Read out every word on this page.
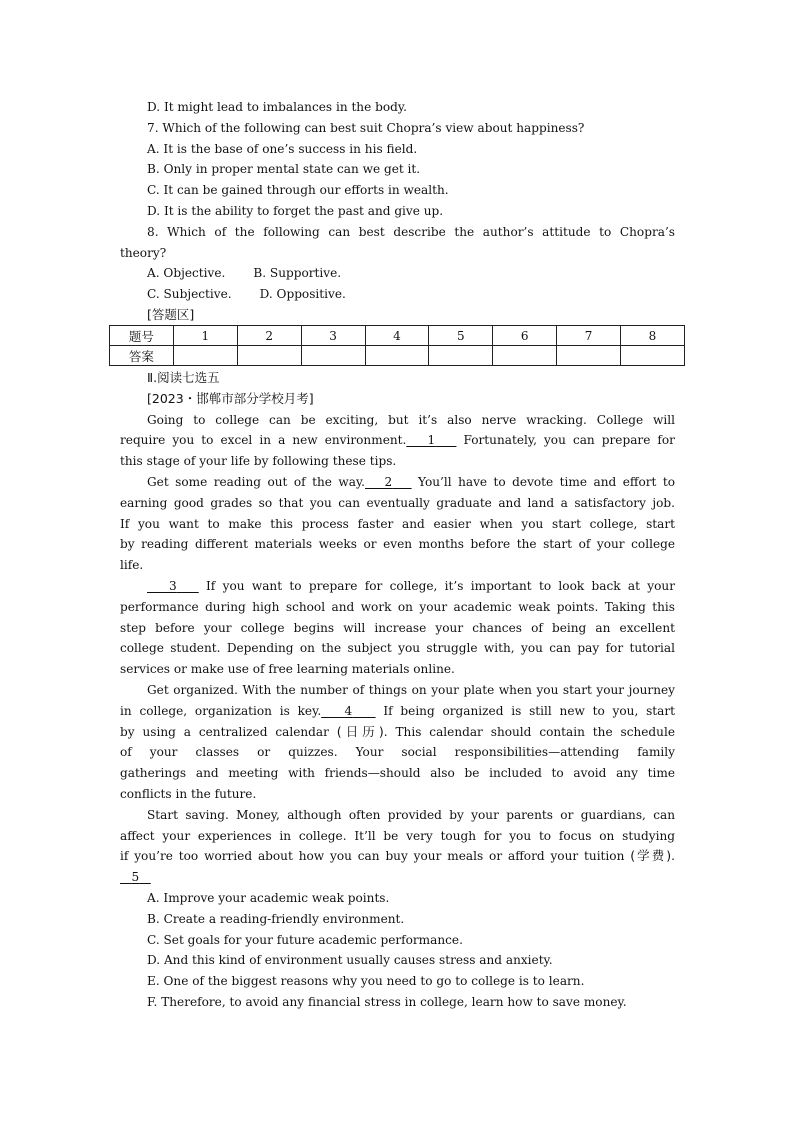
D. It might lead to imbalances in the body.
7. Which of the following can best suit Chopra’s view about happiness?
A. It is the base of one’s success in his field.
B. Only in proper mental state can we get it.
C. It can be gained through our efforts in wealth.
D. It is the ability to forget the past and give up.
8. Which of the following can best describe the author’s attitude to Chopra’s
theory?
A. Objective. B. Supportive.
C. Subjective. D. Oppositive.
[答题区]
题号	1	2	3	4	5	6	7	8
答案								
Ⅱ.阅读七选五
[2023・邯郸市部分学校月考]
Going to college can be exciting, but it’s also nerve wracking. College will
require you to excel in a new environment. 1    Fortunately, you can prepare for
this stage of your life by following these tips.
Get some reading out of the way. 2    You’ll have to devote time and effort to
earning good grades so that you can eventually graduate and land a satisfactory job.
If you want to make this process faster and easier when you start college, start
by reading different materials weeks or even months before the start of your college
life.
3    If you want to prepare for college, it’s important to look back at your
performance during high school and work on your academic weak points. Taking this
step before your college begins will increase your chances of being an excellent
college student. Depending on the subject you struggle with, you can pay for tutorial
services or make use of free learning materials online.
Get organized. With the number of things on your plate when you start your journey
in college, organization is key. 4    If being organized is still new to you, start
by using a centralized calendar (日历). This calendar should contain the schedule
of your classes or quizzes. Your social responsibilities—attending family
gatherings and meeting with friends—should also be included to avoid any time
conflicts in the future.
Start saving. Money, although often provided by your parents or guardians, can
affect your experiences in college. It’ll be very tough for you to focus on studying
if you’re too worried about how you can buy your meals or afford your tuition (学费).
5
A. Improve your academic weak points.
B. Create a reading-friendly environment.
C. Set goals for your future academic performance.
D. And this kind of environment usually causes stress and anxiety.
E. One of the biggest reasons why you need to go to college is to learn.
F. Therefore, to avoid any financial stress in college, learn how to save money.
